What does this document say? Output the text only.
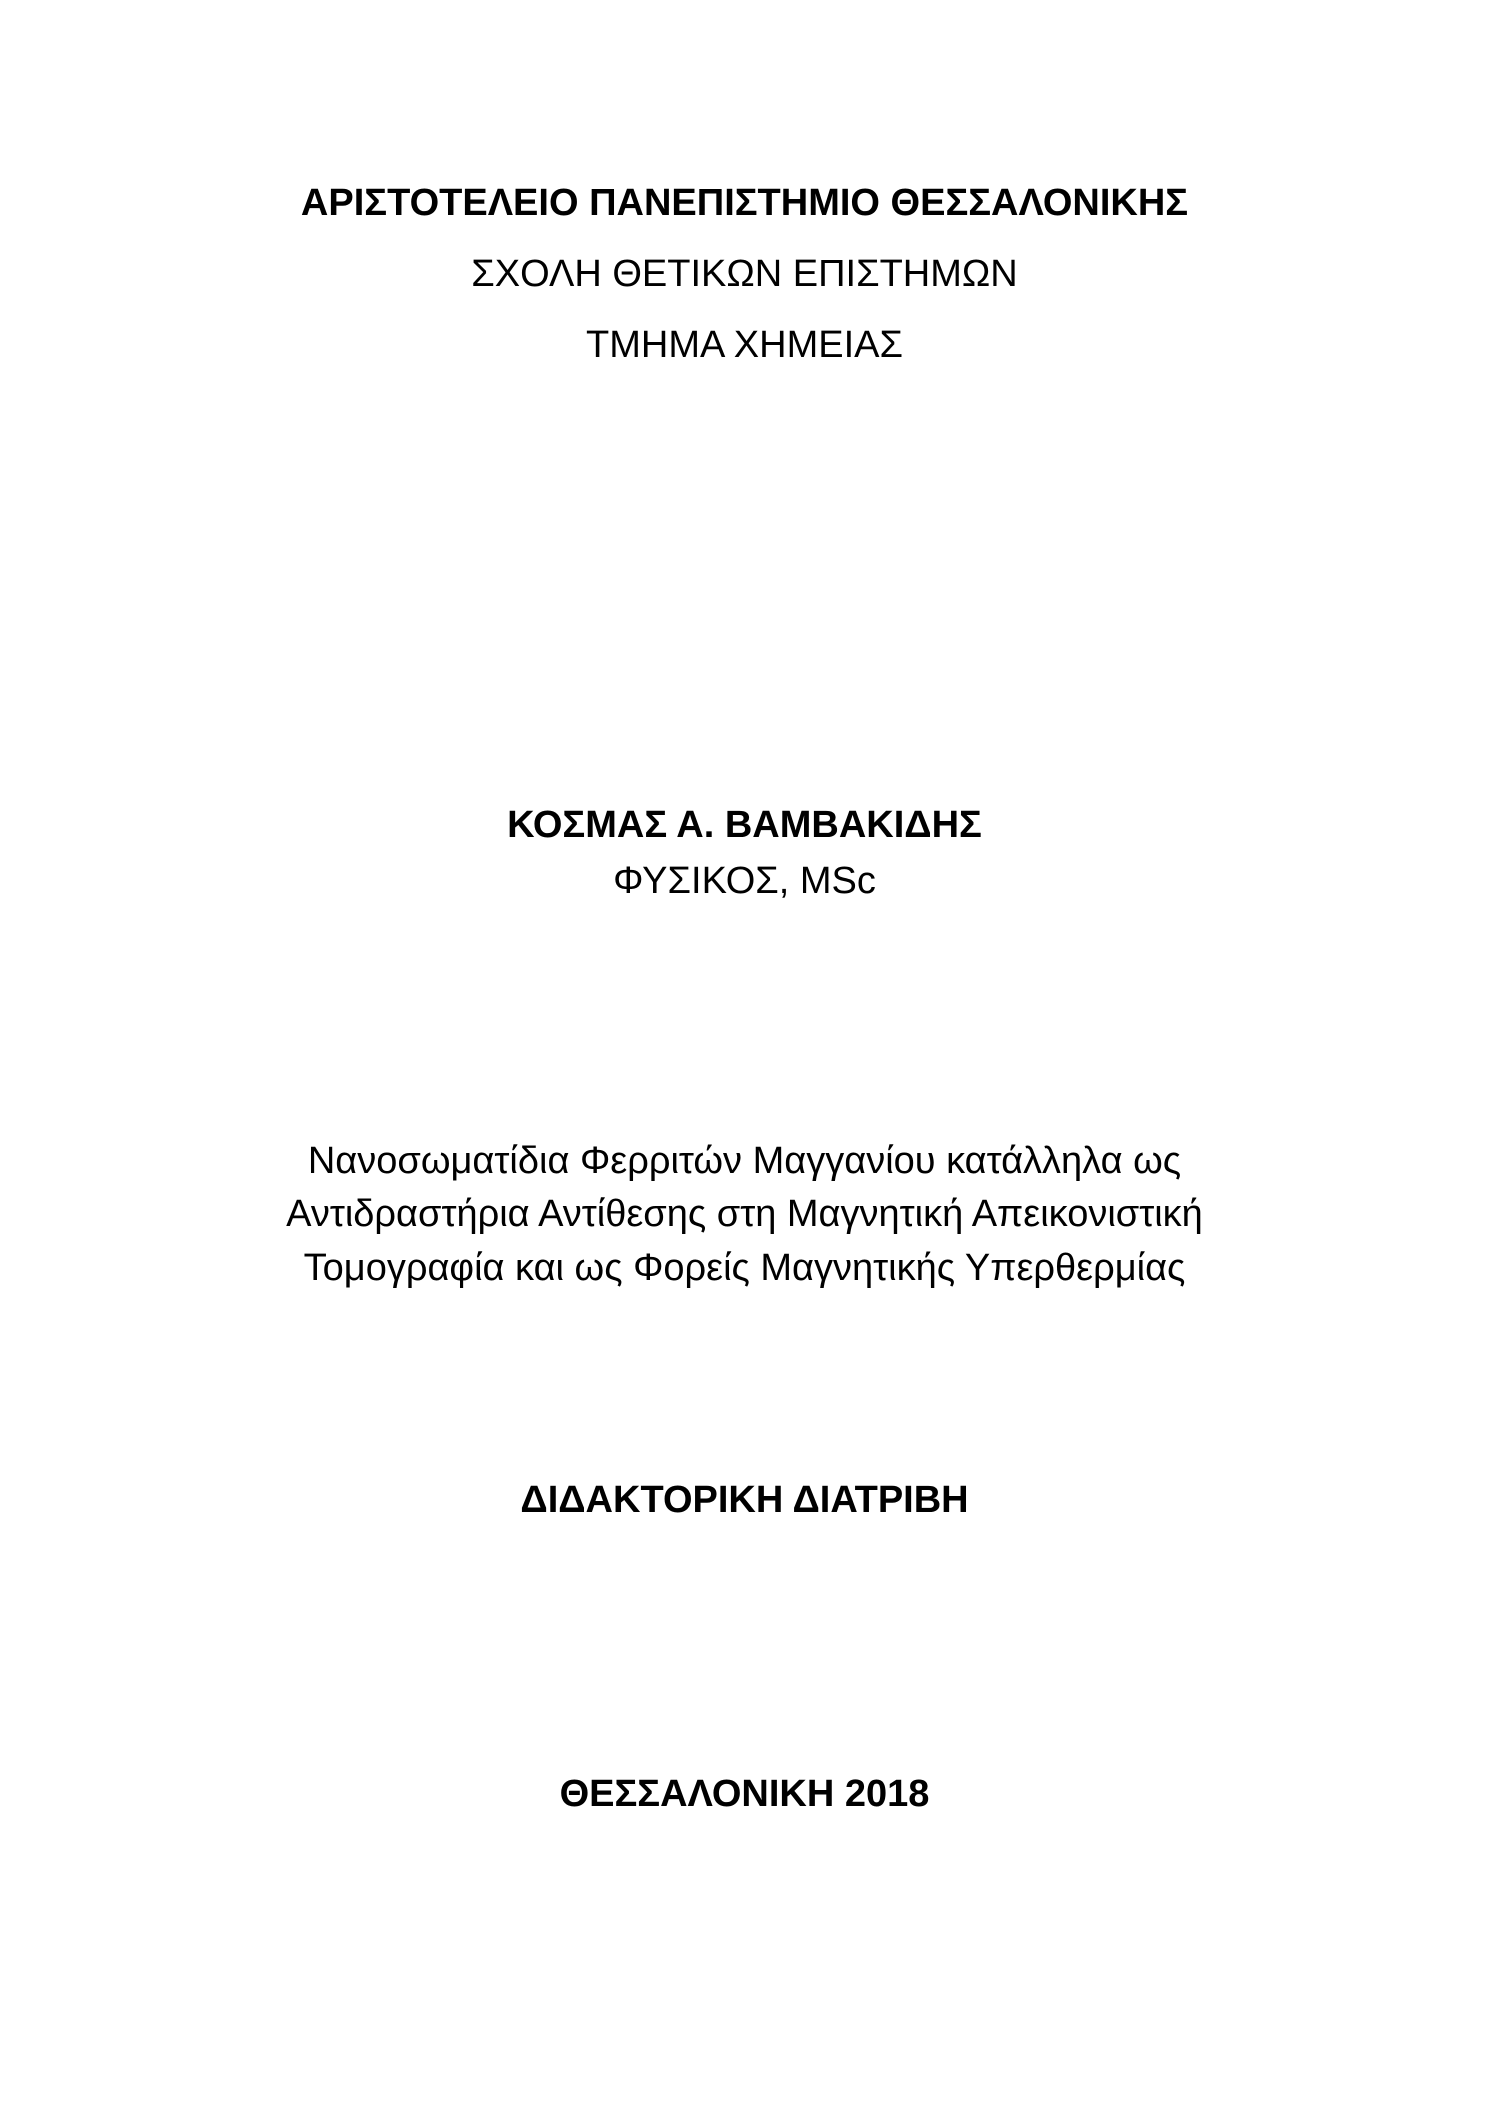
ΑΡΙΣΤΟΤΕΛΕΙΟ ΠΑΝΕΠΙΣΤΗΜΙΟ ΘΕΣΣΑΛΟΝΙΚΗΣ
ΣΧΟΛΗ ΘΕΤΙΚΩΝ ΕΠΙΣΤΗΜΩΝ
ΤΜΗΜΑ ΧΗΜΕΙΑΣ
ΚΟΣΜΑΣ Α. ΒΑΜΒΑΚΙΔΗΣ
ΦΥΣΙΚΟΣ, MSc
Νανοσωματίδια Φερριτών Μαγγανίου κατάλληλα ως
Αντιδραστήρια Αντίθεσης στη Μαγνητική Απεικονιστική
Τομογραφία και ως Φορείς Μαγνητικής Υπερθερμίας
ΔΙΔΑΚΤΟΡΙΚΗ ΔΙΑΤΡΙΒΗ
ΘΕΣΣΑΛΟΝΙΚΗ 2018
